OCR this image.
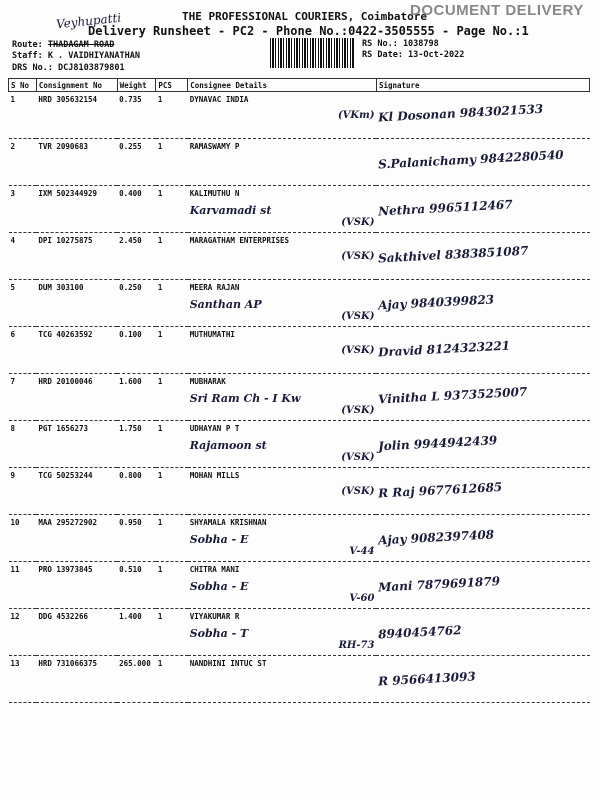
THE PROFESSIONAL COURIERS, Coimbatore
DOCUMENT DELIVERY
Veyhupatti
Delivery Runsheet - PC2 - Phone No.:0422-3505555 - Page No.:1
Route: THADAGAM ROAD
Staff: K . VAIDHIYANATHAN
DRS No.: DCJ8103879801
RS No.: 1038798
RS Date: 13-Oct-2022
S No	Consignment No	Weight	PCS	Consignee Details	Signature
1	HRD 305632154	0.735	1	DYNAVAC INDIA
(VKm)	Kl Dosonan 9843021533

2	TVR 2090683	0.255	1	RAMASWAMY P	S.Palanichamy 9842280540

3	IXM 502344929	0.400	1	KALIMUTHU N
Karvamadi st
(VSK)	Nethra 9965112467

4	DPI 10275875	2.450	1	MARAGATHAM ENTERPRISES
(VSK)	Sakthivel 8383851087

5	DUM 303100	0.250	1	MEERA RAJAN
Santhan AP
(VSK)	Ajay 9840399823

6	TCG 40263592	0.100	1	MUTHUMATHI
(VSK)	Dravid 8124323221

7	HRD 20100046	1.600	1	MUBHARAK
Sri Ram Ch - I Kw
(VSK)	Vinitha L 9373525007

8	PGT 1656273	1.750	1	UDHAYAN P T
Rajamoon st
(VSK)	Jolin 9944942439

9	TCG 50253244	0.800	1	MOHAN MILLS
(VSK)	R Raj 9677612685

10	MAA 295272902	0.950	1	SHYAMALA KRISHNAN
Sobha - E
V-44	Ajay 9082397408

11	PRO 13973845	0.510	1	CHITRA MANI
Sobha - E
V-60	Mani 7879691879

12	DDG 4532266	1.400	1	VIYAKUMAR R
Sobha - T
RH-73	8940454762

13	HRD 731066375	265.000	1	NANDHINI INTUC ST	R 9566413093
